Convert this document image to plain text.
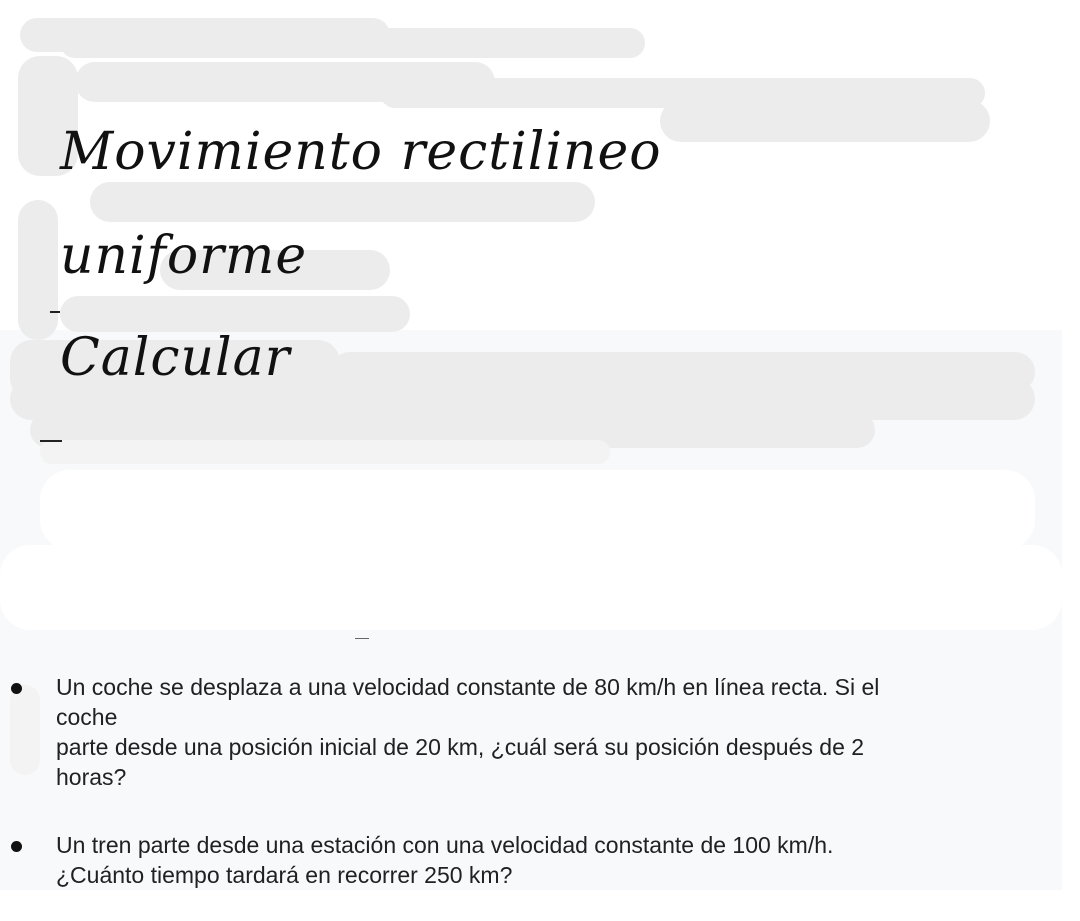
Movimiento rectilineo
uniforme
Calcular
Un coche se desplaza a una velocidad constante de 80 km/h en línea recta. Si el
coche
parte desde una posición inicial de 20 km, ¿cuál será su posición después de 2
horas?
Un tren parte desde una estación con una velocidad constante de 100 km/h.
¿Cuánto tiempo tardará en recorrer 250 km?
